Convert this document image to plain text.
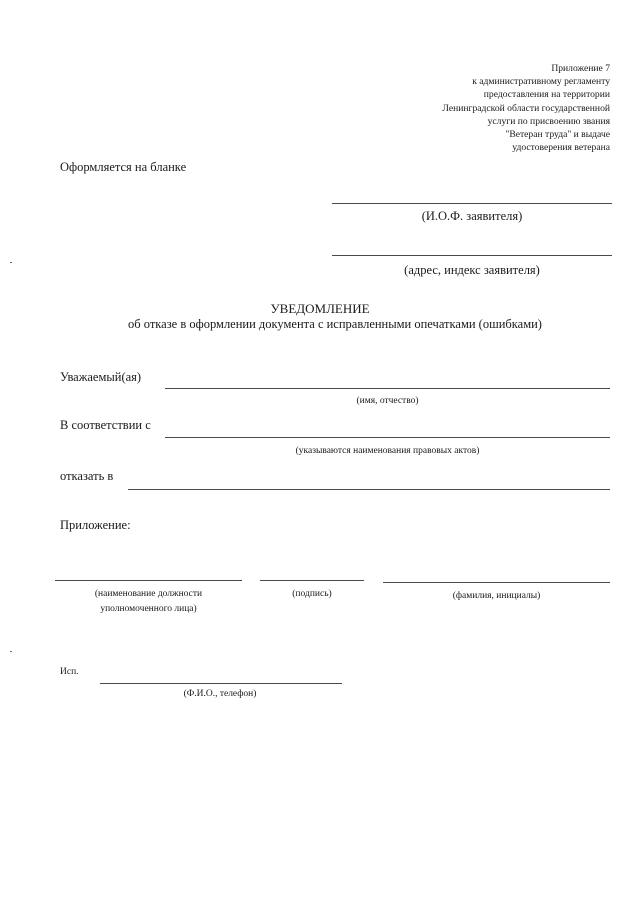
Приложение 7
к административному регламенту
предоставления на территории
Ленинградской области государственной
услуги по присвоению звания
"Ветеран труда" и выдаче
удостоверения ветерана
Оформляется на бланке
(И.О.Ф. заявителя)
(адрес, индекс заявителя)
УВЕДОМЛЕНИЕ
об отказе в оформлении документа с исправленными опечатками (ошибками)
Уважаемый(ая)
(имя, отчество)
В соответствии с
(указываются наименования правовых актов)
отказать в
Приложение:
(наименование должности
уполномоченного лица)
(подпись)	(фамилия, инициалы)
Исп.
(Ф.И.О., телефон)
